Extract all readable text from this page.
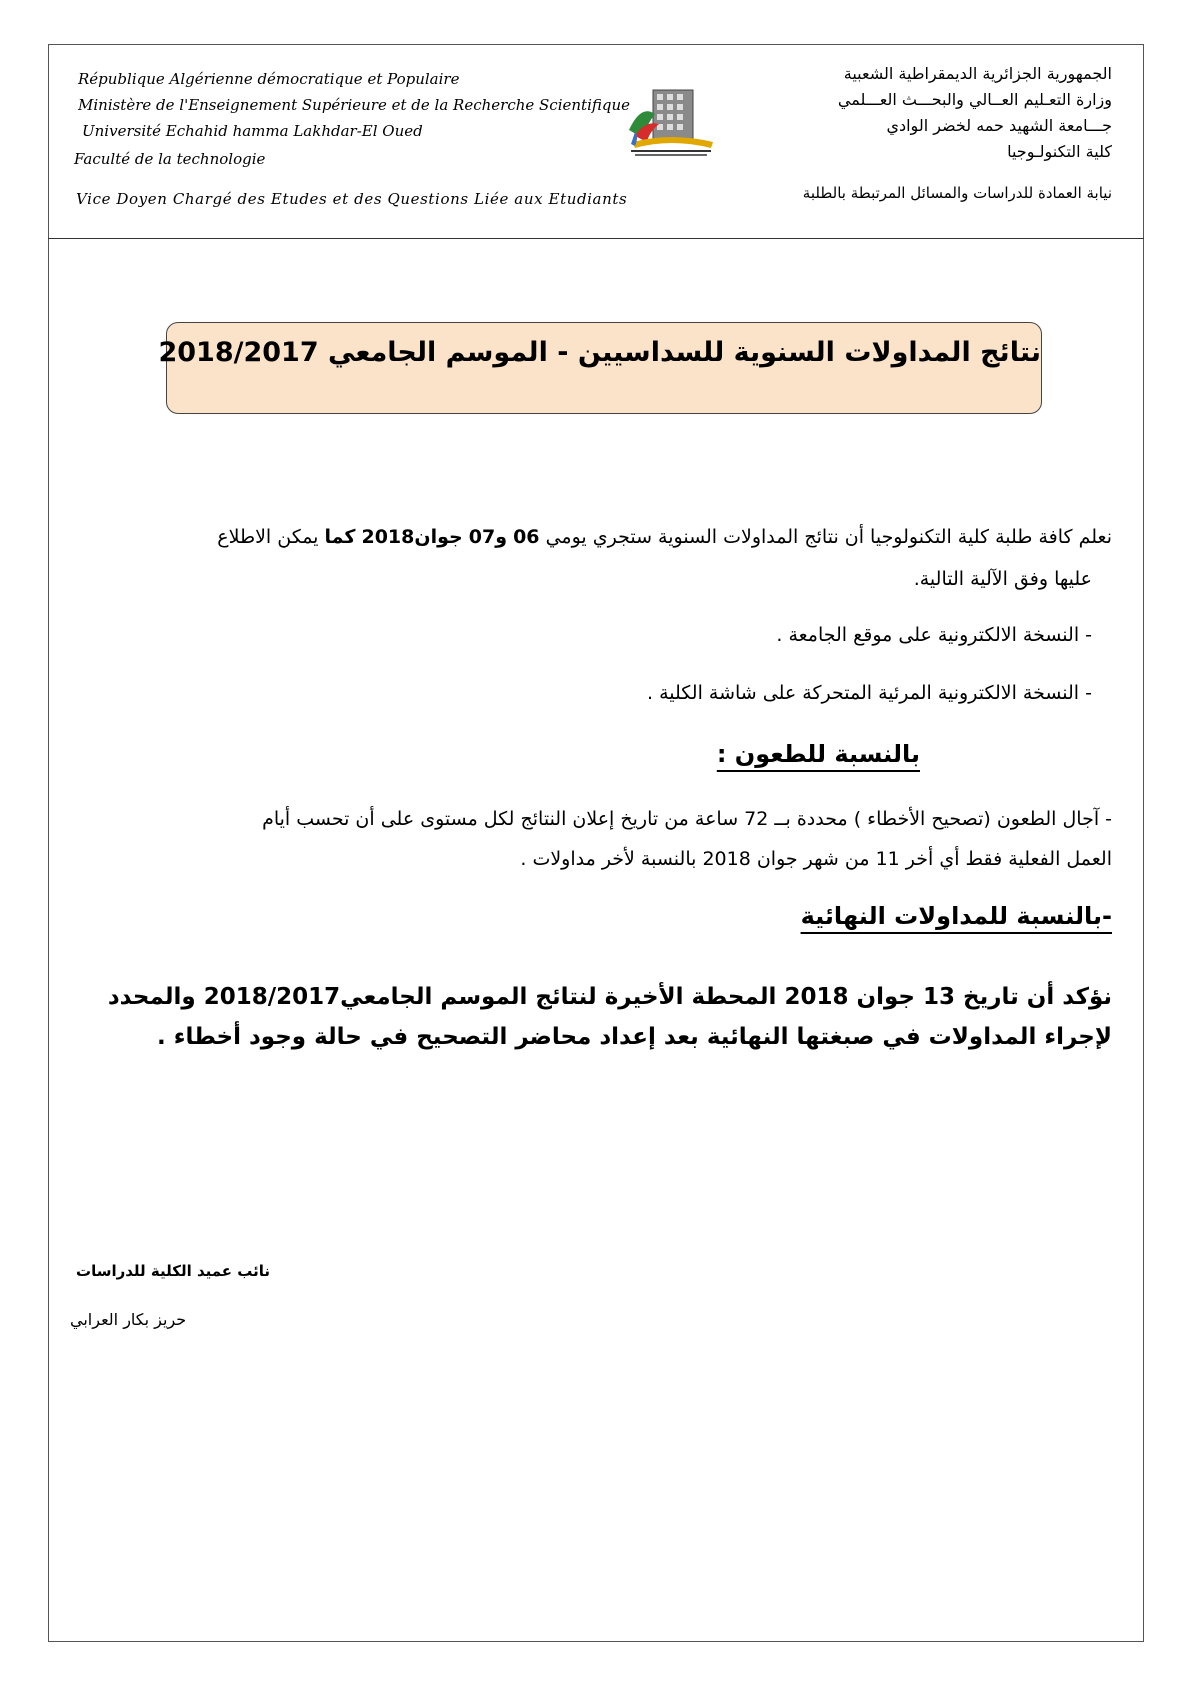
République Algérienne démocratique et Populaire
Ministère de l'Enseignement Supérieure et de la Recherche Scientifique
Université Echahid hamma Lakhdar-El Oued
Faculté de la technologie
Vice Doyen Chargé des Etudes et des Questions Liée aux Etudiants
الجمهورية الجزائرية الديمقراطية الشعبية
وزارة التعـليم العــالي والبحـــث العـــلمي
جـــامعة الشهيد حمه لخضر الوادي
كلية التكنولـوجيا
نيابة العمادة للدراسات والمسائل المرتبطة بالطلبة
نتائج المداولات السنوية للسداسيين - الموسم الجامعي 2018/2017
نعلم كافة طلبة كلية التكنولوجيا أن نتائج المداولات السنوية ستجري يومي 06 و07 جوان2018 كما يمكن الاطلاع
عليها وفق الآلية التالية.
- النسخة الالكترونية على موقع الجامعة .
- النسخة الالكترونية المرئية المتحركة على شاشة الكلية .
بالنسبة للطعون :
- آجال الطعون (تصحيح الأخطاء ) محددة بــ 72 ساعة من تاريخ إعلان النتائج لكل مستوى على أن تحسب أيام
العمل الفعلية فقط أي أخر 11 من شهر جوان 2018 بالنسبة لأخر مداولات .
-بالنسبة للمداولات النهائية
نؤكد أن تاريخ 13 جوان 2018 المحطة الأخيرة لنتائج الموسم الجامعي2018/2017 والمحدد
لإجراء المداولات في صبغتها النهائية بعد إعداد محاضر التصحيح في حالة وجود أخطاء .
نائب عميد الكلية للدراسات
حريز بكار العرابي
